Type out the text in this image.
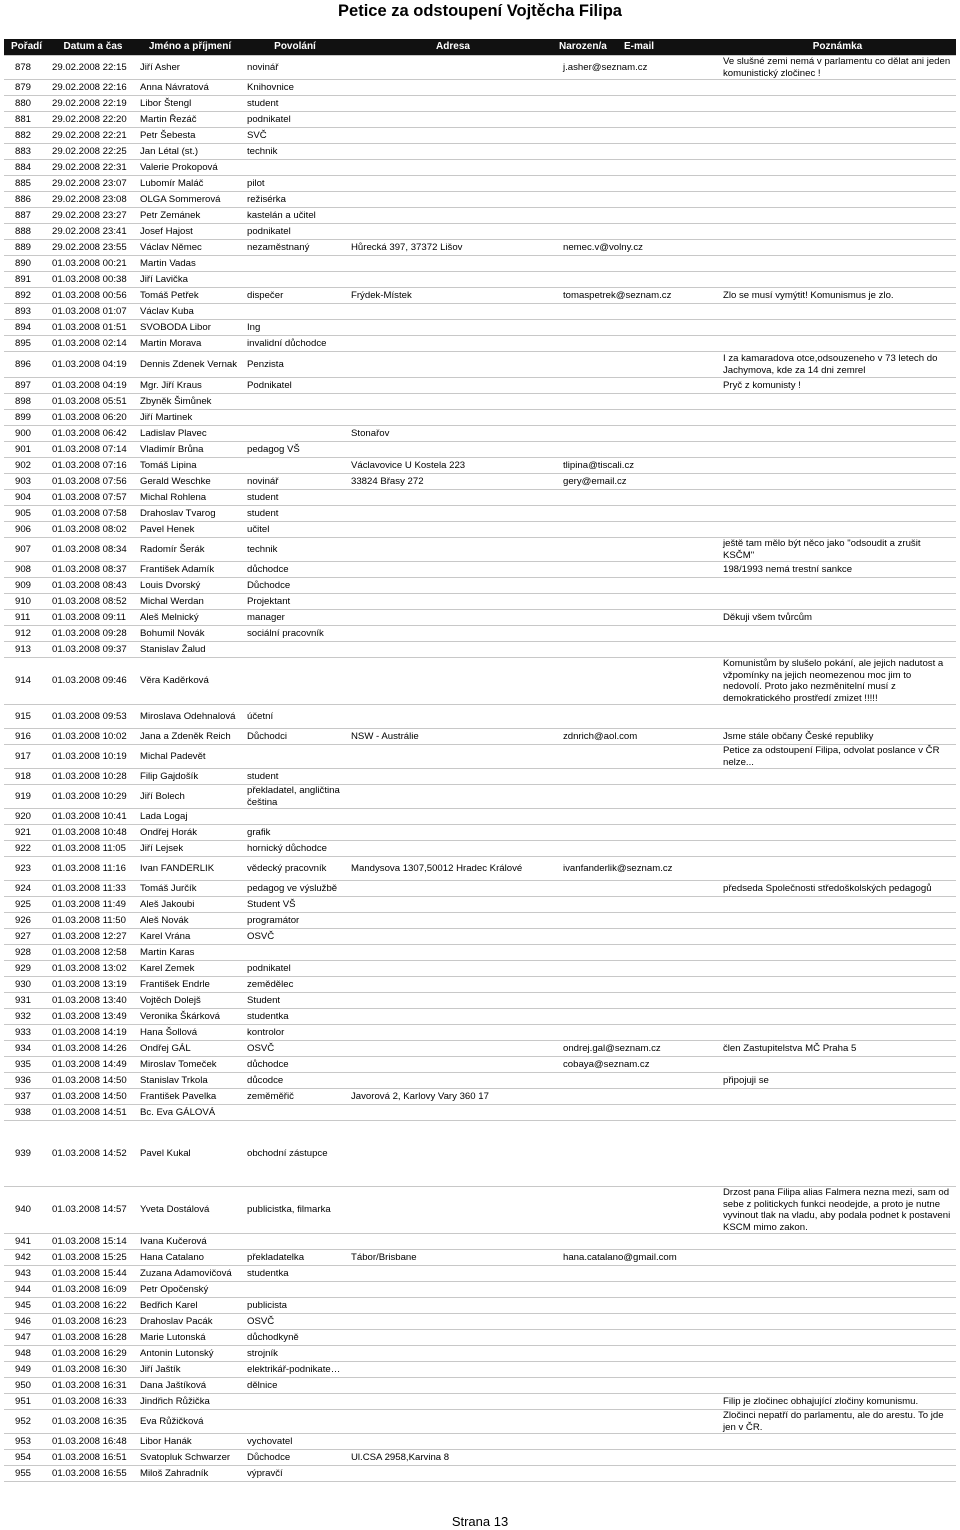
Petice za odstoupení Vojtěcha Filipa
Pořadí	Datum a čas	Jméno a příjmení	Povolání	Adresa		E-mail	Poznámka
878	29.02.2008 22:15	Jiří Asher	novinář			j.asher@seznam.cz	Ve slušné zemi nemá v parlamentu co dělat ani jeden komunistický zločinec !
879	29.02.2008 22:16	Anna Návratová	Knihovnice				
880	29.02.2008 22:19	Libor Štengl	student				
881	29.02.2008 22:20	Martin Řezáč	podnikatel				
882	29.02.2008 22:21	Petr Šebesta	SVČ				
883	29.02.2008 22:25	Jan Létal (st.)	technik				
884	29.02.2008 22:31	Valerie Prokopová					
885	29.02.2008 23:07	Lubomír Maláč	pilot				
886	29.02.2008 23:08	OLGA Sommerová	režisérka				
887	29.02.2008 23:27	Petr Zemánek	kastelán a učitel				
888	29.02.2008 23:41	Josef Hajost	podnikatel				
889	29.02.2008 23:55	Václav Němec	nezaměstnaný	Hůrecká 397, 37372 Lišov		nemec.v@volny.cz	
890	01.03.2008 00:21	Martin Vadas					
891	01.03.2008 00:38	Jiří Lavička					
892	01.03.2008 00:56	Tomáš Petřek	dispečer	Frýdek-Místek		tomaspetrek@seznam.cz	Zlo se musí vymýtit! Komunismus je zlo.
893	01.03.2008 01:07	Václav Kuba					
894	01.03.2008 01:51	SVOBODA Libor	Ing				
895	01.03.2008 02:14	Martin Morava	invalidní důchodce				
896	01.03.2008 04:19	Dennis Zdenek Vernak	Penzista				I za kamaradova otce,odsouzeneho v 73 letech do Jachymova, kde za 14 dni zemrel
897	01.03.2008 04:19	Mgr. Jiří Kraus	Podnikatel				Pryč z komunisty !
898	01.03.2008 05:51	Zbyněk Šimůnek					
899	01.03.2008 06:20	Jiří Martinek					
900	01.03.2008 06:42	Ladislav Plavec		Stonařov			
901	01.03.2008 07:14	Vladimír Brůna	pedagog VŠ				
902	01.03.2008 07:16	Tomáš Lipina		Václavovice U Kostela 223		tlipina@tiscali.cz	
903	01.03.2008 07:56	Gerald Weschke	novinář	33824 Břasy 272		gery@email.cz	
904	01.03.2008 07:57	Michal Rohlena	student				
905	01.03.2008 07:58	Drahoslav Tvarog	student				
906	01.03.2008 08:02	Pavel Henek	učitel				
907	01.03.2008 08:34	Radomír Šerák	technik				ještě tam mělo být něco jako "odsoudit a zrušit KSČM"
908	01.03.2008 08:37	František Adamík	důchodce				198/1993 nemá trestní sankce
909	01.03.2008 08:43	Louis Dvorský	Důchodce				
910	01.03.2008 08:52	Michal Werdan	Projektant				
911	01.03.2008 09:11	Aleš Melnický	manager				Děkuji všem tvůrcům
912	01.03.2008 09:28	Bohumil Novák	sociální pracovník				
913	01.03.2008 09:37	Stanislav Žalud					
914	01.03.2008 09:46	Věra Kaděrková					Komunistům by slušelo pokání, ale jejich nadutost a vžpomínky na jejich neomezenou moc jim to nedovolí. Proto jako nezměnitelní musí z demokratického prostředí zmizet !!!!!
915	01.03.2008 09:53	Miroslava Odehnalová	účetní				
916	01.03.2008 10:02	Jana a Zdeněk Reich	Důchodci	NSW - Austrálie		zdnrich@aol.com	Jsme stále občany České republiky
917	01.03.2008 10:19	Michal Padevět					Petice za odstoupení Filipa, odvolat poslance v ČR nelze...
918	01.03.2008 10:28	Filip Gajdošík	student				
919	01.03.2008 10:29	Jiří Bolech	překladatel, angličtina čeština				
920	01.03.2008 10:41	Lada Logaj					
921	01.03.2008 10:48	Ondřej Horák	grafik				
922	01.03.2008 11:05	Jiří Lejsek	hornický důchodce				
923	01.03.2008 11:16	Ivan FANDERLIK	vědecký pracovník	Mandysova 1307,50012 Hradec Králové		ivanfanderlik@seznam.cz	
924	01.03.2008 11:33	Tomáš Jurčík	pedagog ve výslužbě				předseda Společnosti středoškolských pedagogů
925	01.03.2008 11:49	Aleš Jakoubi	Student VŠ				
926	01.03.2008 11:50	Aleš Novák	programátor				
927	01.03.2008 12:27	Karel Vrána	OSVČ				
928	01.03.2008 12:58	Martin Karas					
929	01.03.2008 13:02	Karel Zemek	podnikatel				
930	01.03.2008 13:19	František Endrle	zemědělec				
931	01.03.2008 13:40	Vojtěch Dolejš	Student				
932	01.03.2008 13:49	Veronika Škárková	studentka				
933	01.03.2008 14:19	Hana Šollová	kontrolor				
934	01.03.2008 14:26	Ondřej GÁL	OSVČ			ondrej.gal@seznam.cz	člen Zastupitelstva MČ Praha 5
935	01.03.2008 14:49	Miroslav Tomeček	důchodce			cobaya@seznam.cz	
936	01.03.2008 14:50	Stanislav Trkola	důcodce				připojuji se
937	01.03.2008 14:50	František Pavelka	zeměměřič	Javorová 2, Karlovy Vary 360 17			
938	01.03.2008 14:51	Bc. Eva GÁLOVÁ					
939	01.03.2008 14:52	Pavel Kukal	obchodní zástupce				
940	01.03.2008 14:57	Yveta Dostálová	publicistka, filmarka				Drzost pana Filipa alias Falmera nezna mezi, sam od sebe z politickych funkci neodejde, a proto je nutne vyvinout tlak na vladu, aby podala podnet k postaveni KSCM mimo zakon.
941	01.03.2008 15:14	Ivana Kučerová					
942	01.03.2008 15:25	Hana Catalano	překladatelka	Tábor/Brisbane		hana.catalano@gmail.com	
943	01.03.2008 15:44	Zuzana Adamovičová	studentka				
944	01.03.2008 16:09	Petr Opočenský					
945	01.03.2008 16:22	Bedřich Karel	publicista				
946	01.03.2008 16:23	Drahoslav Pacák	OSVČ				
947	01.03.2008 16:28	Marie Lutonská	důchodkyně				
948	01.03.2008 16:29	Antonin Lutonský	strojník				
949	01.03.2008 16:30	Jiří Jaštík	elektrikář-podnikate…				
950	01.03.2008 16:31	Dana Jaštíková	dělnice				
951	01.03.2008 16:33	Jindřich Růžička					Filip je zločinec obhajující zločiny komunismu.
952	01.03.2008 16:35	Eva Růžičková					Zločinci nepatří do parlamentu, ale do arestu. To jde jen v ČR.
953	01.03.2008 16:48	Libor Hanák	vychovatel				
954	01.03.2008 16:51	Svatopluk Schwarzer	Důchodce	Ul.CSA 2958,Karvina 8			
955	01.03.2008 16:55	Miloš Zahradník	výpravčí				
Strana 13
